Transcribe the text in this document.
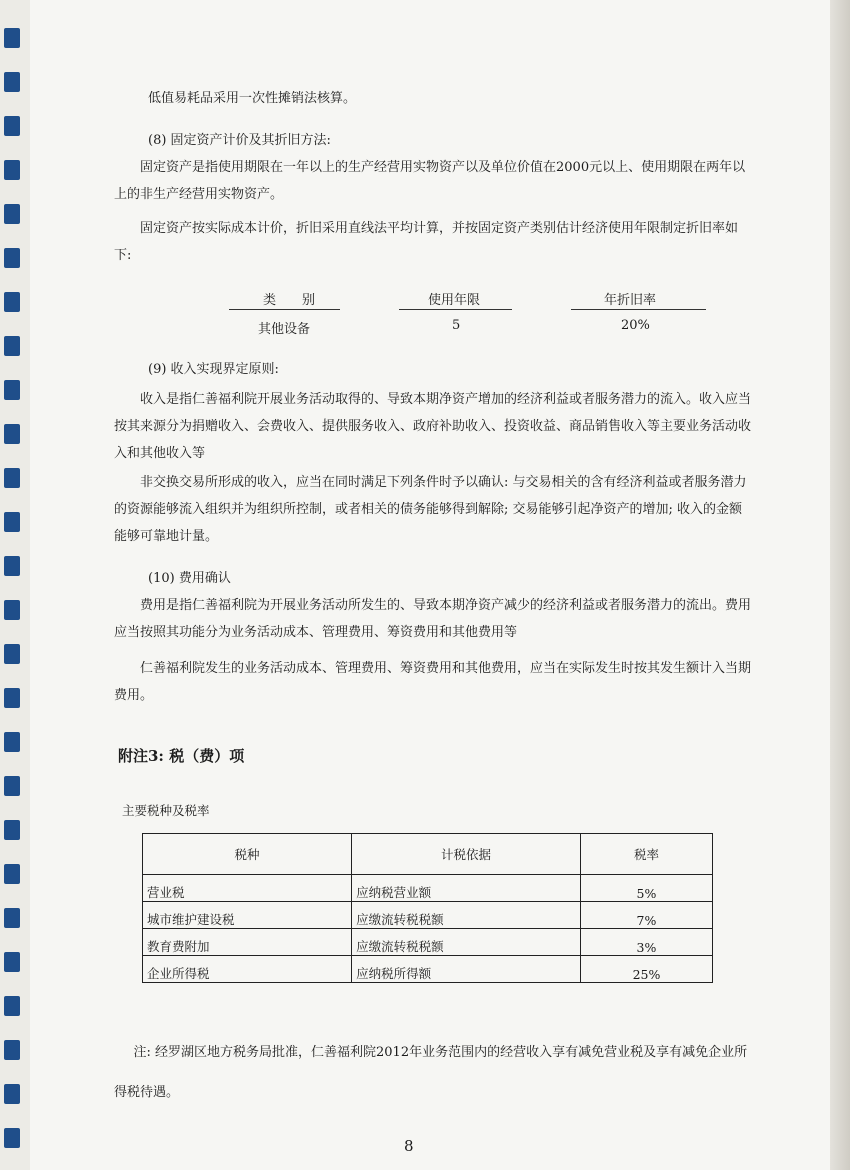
低值易耗品采用一次性摊销法核算。
(8) 固定资产计价及其折旧方法:
固定资产是指使用期限在一年以上的生产经营用实物资产以及单位价值在2000元以上、使用期限在两年以上的非生产经营用实物资产。
固定资产按实际成本计价，折旧采用直线法平均计算，并按固定资产类别估计经济使用年限制定折旧率如下:
类　　别	使用年限	年折旧率
其他设备	5	20%
(9) 收入实现界定原则:
收入是指仁善福利院开展业务活动取得的、导致本期净资产增加的经济利益或者服务潜力的流入。收入应当按其来源分为捐赠收入、会费收入、提供服务收入、政府补助收入、投资收益、商品销售收入等主要业务活动收入和其他收入等
非交换交易所形成的收入，应当在同时满足下列条件时予以确认: 与交易相关的含有经济利益或者服务潜力的资源能够流入组织并为组织所控制，或者相关的债务能够得到解除; 交易能够引起净资产的增加; 收入的金额能够可靠地计量。
(10) 费用确认
费用是指仁善福利院为开展业务活动所发生的、导致本期净资产减少的经济利益或者服务潜力的流出。费用应当按照其功能分为业务活动成本、管理费用、筹资费用和其他费用等
仁善福利院发生的业务活动成本、管理费用、筹资费用和其他费用，应当在实际发生时按其发生额计入当期费用。
附注3: 税（费）项
主要税种及税率
税种	计税依据	税率
营业税	应纳税营业额	5%
城市维护建设税	应缴流转税税额	7%
教育费附加	应缴流转税税额	3%
企业所得税	应纳税所得额	25%
注: 经罗湖区地方税务局批准，仁善福利院2012年业务范围内的经营收入享有减免营业税及享有减免企业所得税待遇。
8
